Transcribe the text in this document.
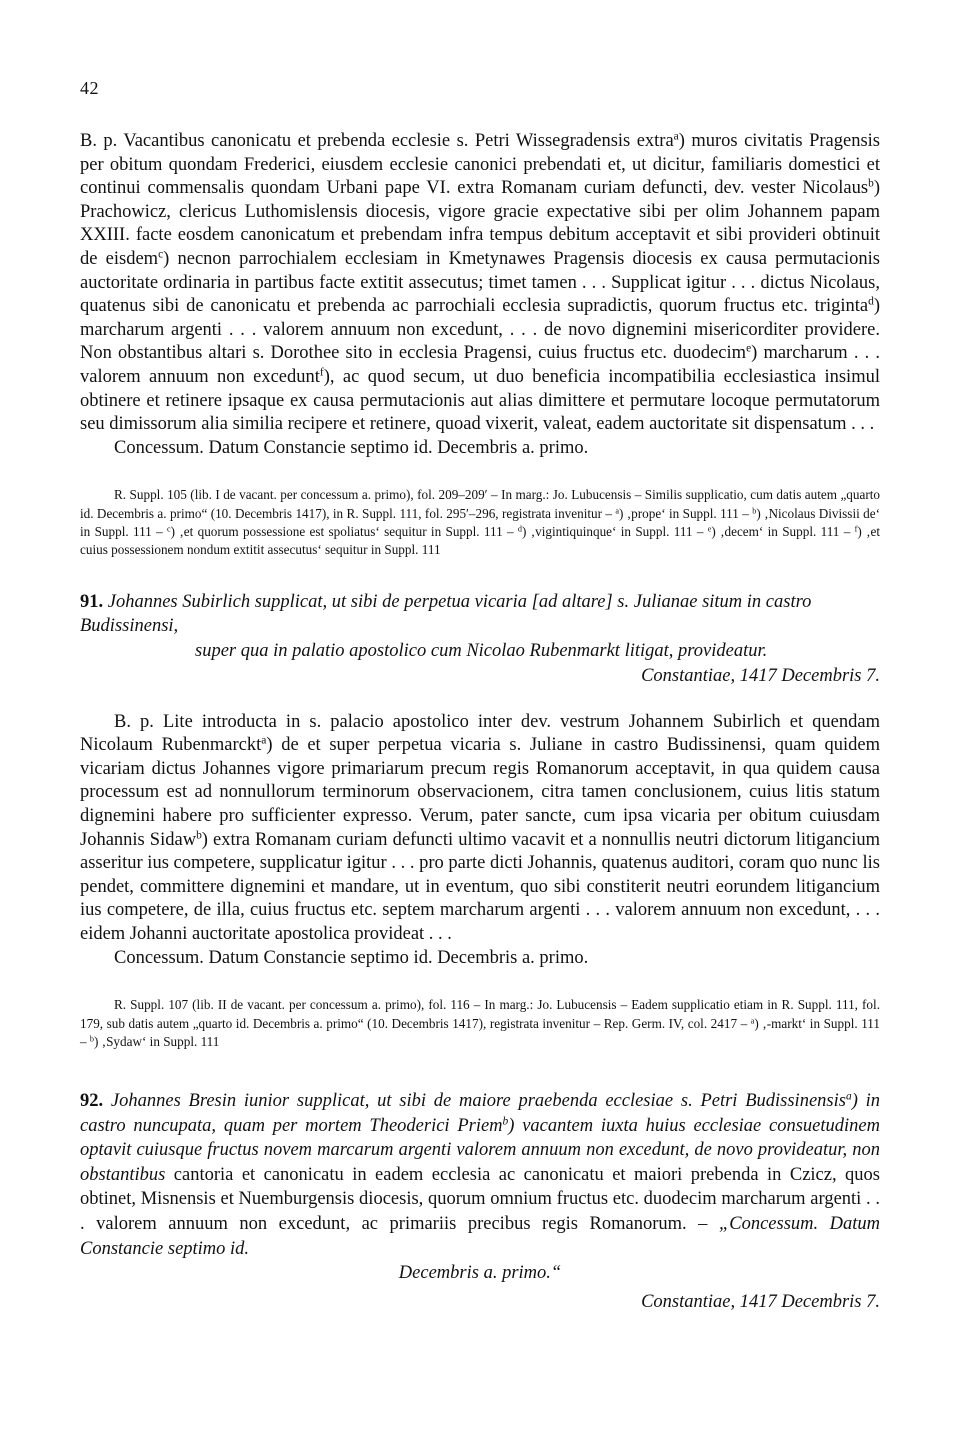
42

B. p. Vacantibus canonicatu et prebenda ecclesie s. Petri Wissegradensis extra$^a$) muros civitatis Pragensis per obitum quondam Frederici, eiusdem ecclesie canonici prebendati et, ut dicitur, familiaris domestici et continui commensalis quondam Urbani pape VI. extra Romanam curiam defuncti, dev. vester Nicolaus$^b$) Prachowicz, clericus Luthomislensis diocesis, vigore gracie expectative sibi per olim Johannem papam XXIII. facte eosdem canonicatum et prebendam infra tempus debitum acceptavit et sibi provideri obtinuit de eisdem$^c$) necnon parrochialem ecclesiam in Kmetynawes Pragensis diocesis ex causa permutacionis auctoritate ordinaria in partibus facte extitit assecutus; timet tamen . . . Supplicat igitur . . . dictus Nicolaus, quatenus sibi de canonicatu et prebenda ac parrochiali ecclesia supradictis, quorum fructus etc. triginta$^d$) marcharum argenti . . . valorem annuum non excedunt, . . . de novo dignemini misericorditer providere. Non obstantibus altari s. Dorothee sito in ecclesia Pragensi, cuius fructus etc. duodecim$^e$) marcharum . . . valorem annuum non excedunt$^f$), ac quod secum, ut duo beneficia incompatibilia ecclesiastica insimul obtinere et retinere ipsaque ex causa permutacionis aut alias dimittere et permutare locoque permutatorum seu dimissorum alia similia recipere et retinere, quoad vixerit, valeat, eadem auctoritate sit dispensatum . . .

Concessum. Datum Constancie septimo id. Decembris a. primo.

R. Suppl. 105 (lib. I de vacant. per concessum a. primo), fol. 209–209′ – In marg.: Jo. Lubucensis – Similis supplicatio, cum datis autem „quarto id. Decembris a. primo“ (10. Decembris 1417), in R. Suppl. 111, fol. 295′–296, registrata invenitur – $^a$) ‚prope‘ in Suppl. 111 – $^b$) ‚Nicolaus Divissii de‘ in Suppl. 111 – $^c$) ‚et quorum possessione est spoliatus‘ sequitur in Suppl. 111 – $^d$) ‚vigintiquinque‘ in Suppl. 111 – $^e$) ‚decem‘ in Suppl. 111 – $^f$) ‚et cuius possessionem nondum extitit assecutus‘ sequitur in Suppl. 111

91. Johannes Subirlich supplicat, ut sibi de perpetua vicaria [ad altare] s. Julianae situm in castro Budissinensi,
super qua in palatio apostolico cum Nicolao Rubenmarkt litigat, provideatur.

Constantiae, 1417 Decembris 7.

B. p. Lite introducta in s. palacio apostolico inter dev. vestrum Johannem Subirlich et quendam Nicolaum Rubenmarckt$^a$) de et super perpetua vicaria s. Juliane in castro Budissinensi, quam quidem vicariam dictus Johannes vigore primariarum precum regis Romanorum acceptavit, in qua quidem causa processum est ad nonnullorum terminorum observacionem, citra tamen conclusionem, cuius litis statum dignemini habere pro sufficienter expresso. Verum, pater sancte, cum ipsa vicaria per obitum cuiusdam Johannis Sidaw$^b$) extra Romanam curiam defuncti ultimo vacavit et a nonnullis neutri dictorum litigancium asseritur ius competere, supplicatur igitur . . . pro parte dicti Johannis, quatenus auditori, coram quo nunc lis pendet, committere dignemini et mandare, ut in eventum, quo sibi constiterit neutri eorundem litigancium ius competere, de illa, cuius fructus etc. septem marcharum argenti . . . valorem annuum non excedunt, . . . eidem Johanni auctoritate apostolica provideat . . .

Concessum. Datum Constancie septimo id. Decembris a. primo.

R. Suppl. 107 (lib. II de vacant. per concessum a. primo), fol. 116 – In marg.: Jo. Lubucensis – Eadem supplicatio etiam in R. Suppl. 111, fol. 179, sub datis autem „quarto id. Decembris a. primo“ (10. Decembris 1417), registrata invenitur – Rep. Germ. IV, col. 2417 – $^a$) ‚-markt‘ in Suppl. 111 – $^b$) ‚Sydaw‘ in Suppl. 111

92. Johannes Bresin iunior supplicat, ut sibi de maiore praebenda ecclesiae s. Petri Budissinensis$^a$) in castro nuncupata, quam per mortem Theoderici Priem$^b$) vacantem iuxta huius ecclesiae consuetudinem optavit cuiusque fructus novem marcarum argenti valorem annuum non excedunt, de novo provideatur, non obstantibus cantoria et canonicatu in eadem ecclesia ac canonicatu et maiori prebenda in Czicz, quos obtinet, Misnensis et Nuemburgensis diocesis, quorum omnium fructus etc. duodecim marcharum argenti . . . valorem annuum non excedunt, ac primariis precibus regis Romanorum. – „Concessum. Datum Constancie septimo id.
Decembris a. primo.“

Constantiae, 1417 Decembris 7.
